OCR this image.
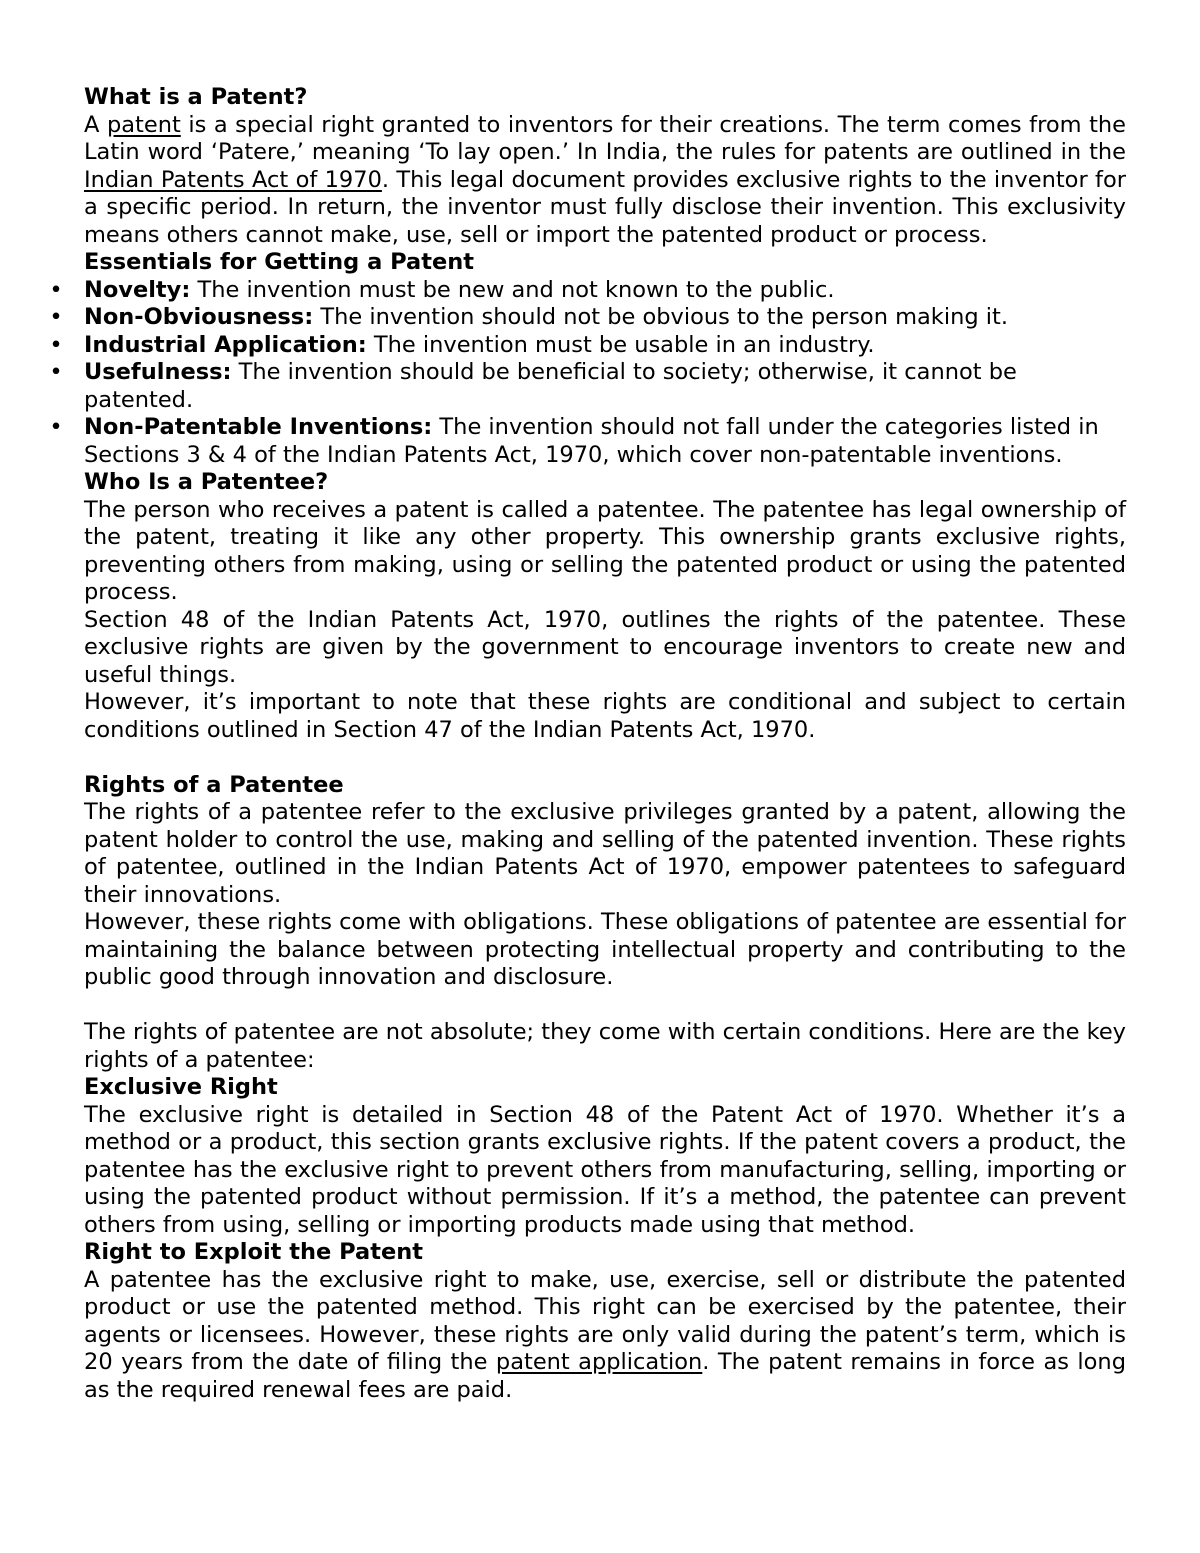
What is a Patent?

A patent is a special right granted to inventors for their creations. The term comes from the Latin word ‘Patere,’ meaning ‘To lay open.’ In India, the rules for patents are outlined in the Indian Patents Act of 1970. This legal document provides exclusive rights to the inventor for a specific period. In return, the inventor must fully disclose their invention. This exclusivity means others cannot make, use, sell or import the patented product or process.

Essentials for Getting a Patent

• Novelty: The invention must be new and not known to the public.
• Non-Obviousness: The invention should not be obvious to the person making it.
• Industrial Application: The invention must be usable in an industry.
• Usefulness: The invention should be beneficial to society; otherwise, it cannot be patented.
• Non-Patentable Inventions: The invention should not fall under the categories listed in Sections 3 & 4 of the Indian Patents Act, 1970, which cover non-patentable inventions.

Who Is a Patentee?

The person who receives a patent is called a patentee. The patentee has legal ownership of the patent, treating it like any other property. This ownership grants exclusive rights, preventing others from making, using or selling the patented product or using the patented process.

Section 48 of the Indian Patents Act, 1970, outlines the rights of the patentee. These exclusive rights are given by the government to encourage inventors to create new and useful things.

However, it’s important to note that these rights are conditional and subject to certain conditions outlined in Section 47 of the Indian Patents Act, 1970.

Rights of a Patentee

The rights of a patentee refer to the exclusive privileges granted by a patent, allowing the patent holder to control the use, making and selling of the patented invention. These rights of patentee, outlined in the Indian Patents Act of 1970, empower patentees to safeguard their innovations.

However, these rights come with obligations. These obligations of patentee are essential for maintaining the balance between protecting intellectual property and contributing to the public good through innovation and disclosure.

The rights of patentee are not absolute; they come with certain conditions. Here are the key rights of a patentee:

Exclusive Right

The exclusive right is detailed in Section 48 of the Patent Act of 1970. Whether it’s a method or a product, this section grants exclusive rights. If the patent covers a product, the patentee has the exclusive right to prevent others from manufacturing, selling, importing or using the patented product without permission. If it’s a method, the patentee can prevent others from using, selling or importing products made using that method.

Right to Exploit the Patent

A patentee has the exclusive right to make, use, exercise, sell or distribute the patented product or use the patented method. This right can be exercised by the patentee, their agents or licensees. However, these rights are only valid during the patent’s term, which is 20 years from the date of filing the patent application. The patent remains in force as long as the required renewal fees are paid.
